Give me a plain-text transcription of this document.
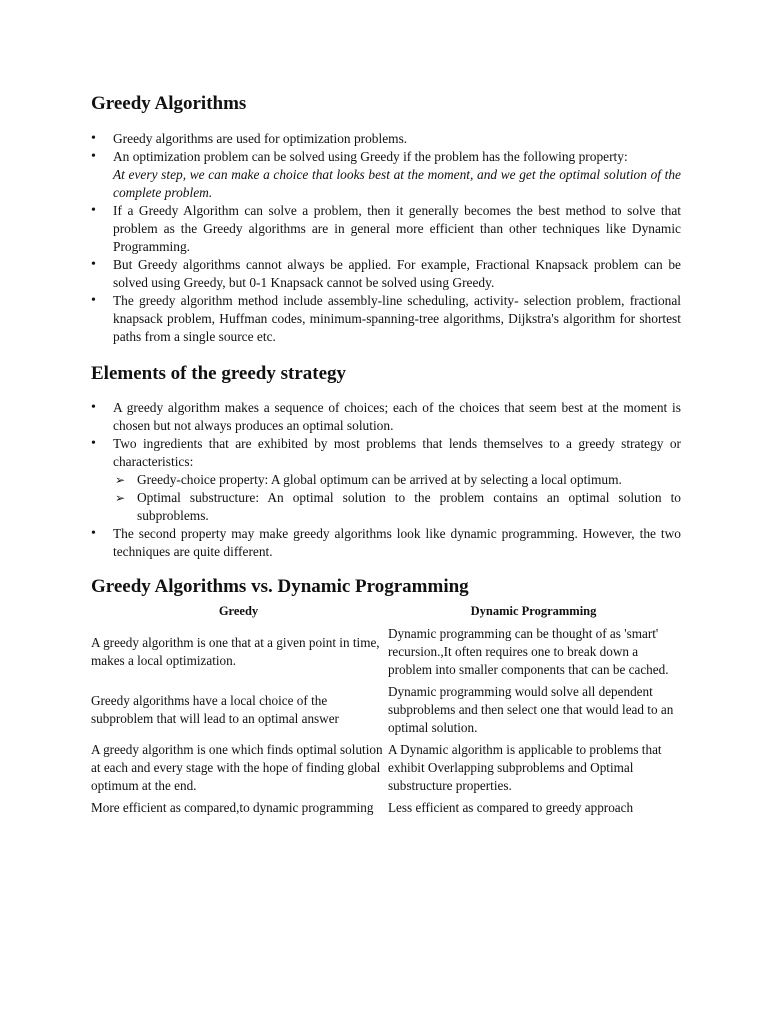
Greedy Algorithms
• Greedy algorithms are used for optimization problems.
• An optimization problem can be solved using Greedy if the problem has the following property:
At every step, we can make a choice that looks best at the moment, and we get the optimal solution of the complete problem.
• If a Greedy Algorithm can solve a problem, then it generally becomes the best method to solve that problem as the Greedy algorithms are in general more efficient than other techniques like Dynamic Programming.
• But Greedy algorithms cannot always be applied. For example, Fractional Knapsack problem can be solved using Greedy, but 0-1 Knapsack cannot be solved using Greedy.
• The greedy algorithm method include assembly-line scheduling, activity- selection problem, fractional knapsack problem, Huffman codes, minimum-spanning-tree algorithms, Dijkstra's algorithm for shortest paths from a single source etc.
Elements of the greedy strategy
• A greedy algorithm makes a sequence of choices; each of the choices that seem best at the moment is chosen but not always produces an optimal solution.
• Two ingredients that are exhibited by most problems that lends themselves to a greedy strategy or characteristics:
➢ Greedy-choice property: A global optimum can be arrived at by selecting a local optimum.
➢ Optimal substructure: An optimal solution to the problem contains an optimal solution to subproblems.
• The second property may make greedy algorithms look like dynamic programming. However, the two techniques are quite different.
Greedy Algorithms vs. Dynamic Programming
Greedy	Dynamic Programming
A greedy algorithm is one that at a given point in time, makes a local optimization.	Dynamic programming can be thought of as 'smart' recursion.,It often requires one to break down a problem into smaller components that can be cached.
Greedy algorithms have a local choice of the subproblem that will lead to an optimal answer	Dynamic programming would solve all dependent subproblems and then select one that would lead to an optimal solution.
A greedy algorithm is one which finds optimal solution at each and every stage with the hope of finding global optimum at the end.	A Dynamic algorithm is applicable to problems that exhibit Overlapping subproblems and Optimal substructure properties.
More efficient as compared,to dynamic programming	Less efficient as compared to greedy approach
